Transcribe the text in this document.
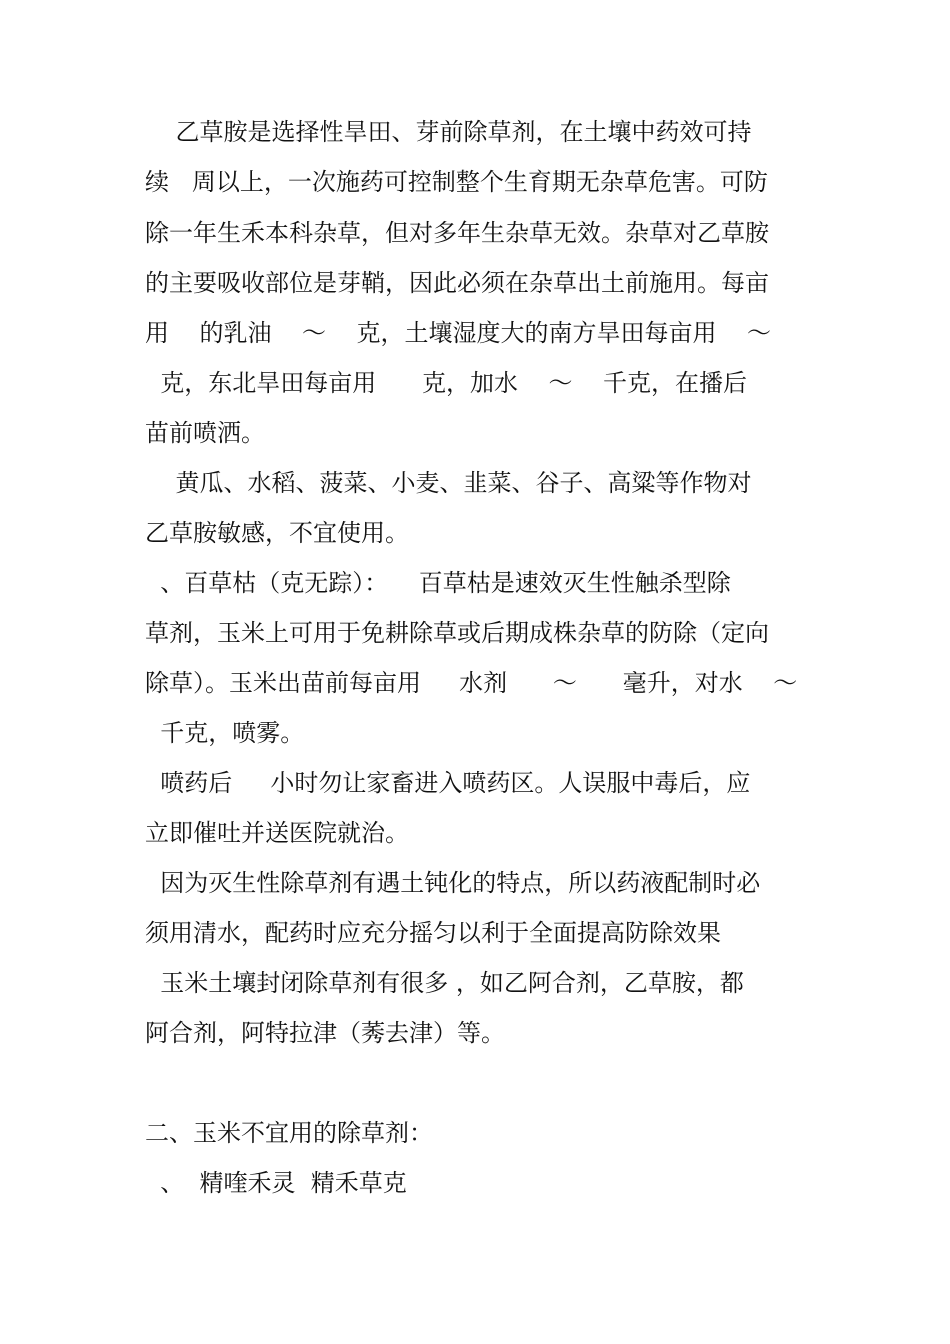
乙草胺是选择性旱田、芽前除草剂，在土壤中药效可持
续   周以上，一次施药可控制整个生育期无杂草危害。可防
除一年生禾本科杂草，但对多年生杂草无效。杂草对乙草胺
的主要吸收部位是芽鞘，因此必须在杂草出土前施用。每亩
用    的乳油    ～    克，土壤湿度大的南方旱田每亩用    ～
克，东北旱田每亩用      克，加水    ～    千克，在播后
苗前喷洒。
黄瓜、水稻、菠菜、小麦、韭菜、谷子、高粱等作物对
乙草胺敏感，不宜使用。
、百草枯（克无踪）：    百草枯是速效灭生性触杀型除
草剂，玉米上可用于免耕除草或后期成株杂草的防除（定向
除草）。玉米出苗前每亩用     水剂      ～      毫升，对水    ～
千克，喷雾。
喷药后     小时勿让家畜进入喷药区。人误服中毒后，应
立即催吐并送医院就治。
因为灭生性除草剂有遇土钝化的特点，所以药液配制时必
须用清水，配药时应充分摇匀以利于全面提高防除效果
玉米土壤封闭除草剂有很多 ，如乙阿合剂，乙草胺，都
阿合剂，阿特拉津（莠去津）等。
二、玉米不宜用的除草剂：
、  精喹禾灵  精禾草克
